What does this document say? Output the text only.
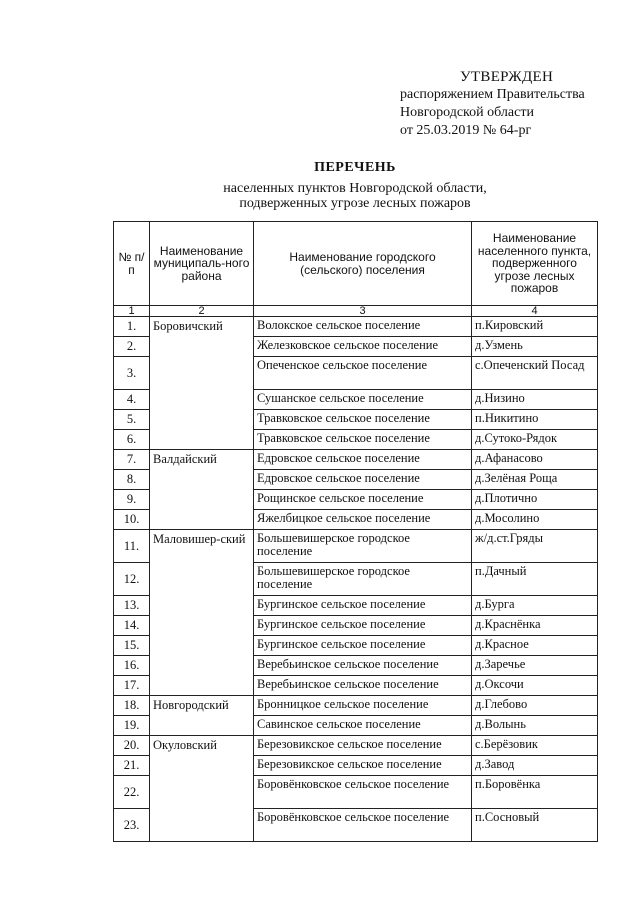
УТВЕРЖДЕН
распоряжением Правительства
Новгородской области
от 25.03.2019 № 64-рг
ПЕРЕЧЕНЬ
населенных пунктов Новгородской области,
подверженных угрозе лесных пожаров
№ п/п	Наименование муниципаль-ного района	Наименование городского (сельского) поселения	Наименование населенного пункта, подверженного угрозе лесных пожаров
1	2	3	4
1.	Боровичский	Волокское сельское поселение	п.Кировский
2.		Железковское сельское поселение	д.Узмень
3.		Опеченское сельское поселение	с.Опеченский Посад
4.		Сушанское сельское поселение	д.Низино
5.		Травковское сельское поселение	п.Никитино
6.		Травковское сельское поселение	д.Сутоко-Рядок
7.	Валдайский	Едровское сельское поселение	д.Афанасово
8.		Едровское сельское поселение	д.Зелёная Роща
9.		Рощинское сельское поселение	д.Плотично
10.		Яжелбицкое сельское поселение	д.Мосолино
11.	Маловишер-ский	Большевишерское городское поселение	ж/д.ст.Гряды
12.		Большевишерское городское поселение	п.Дачный
13.		Бургинское сельское поселение	д.Бурга
14.		Бургинское сельское поселение	д.Краснёнка
15.		Бургинское сельское поселение	д.Красное
16.		Веребьинское сельское поселение	д.Заречье
17.		Веребьинское сельское поселение	д.Оксочи
18.	Новгородский	Бронницкое сельское поселение	д.Глебово
19.		Савинское сельское поселение	д.Волынь
20.	Окуловский	Березовикское сельское поселение	с.Берёзовик
21.		Березовикское сельское поселение	д.Завод
22.		Боровёнковское сельское поселение	п.Боровёнка
23.		Боровёнковское сельское поселение	п.Сосновый
